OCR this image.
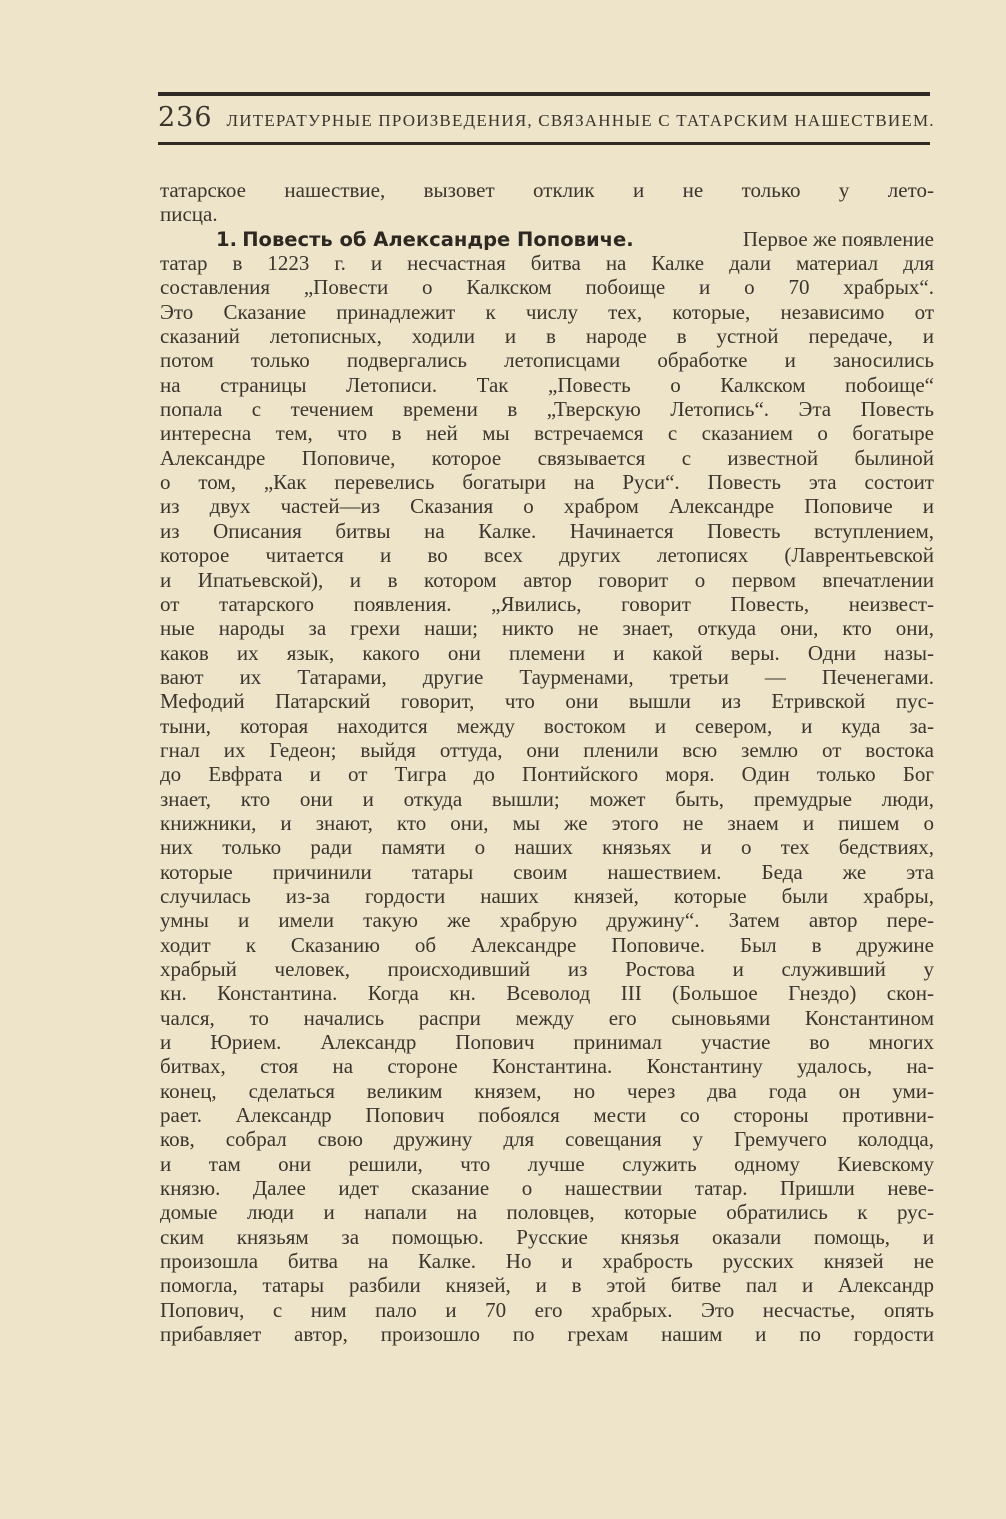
236 ЛИТЕРАТУРНЫЕ ПРОИЗВЕДЕНИЯ, СВЯЗАННЫЕ С ТАТАРСКИМ НАШЕСТВИЕМ.
татарское нашествие, вызовет отклик и не только у лето-
писца.
1. Повесть об Александре Поповиче.	Первое же появление
татар в 1223 г. и несчастная битва на Калке дали материал для
составления „Повести о Калкском побоище и о 70 храбрых“.
Это Сказание принадлежит к числу тех, которые, независимо от
сказаний летописных, ходили и в народе в устной передаче, и
потом только подвергались летописцами обработке и заносились
на страницы Летописи. Так „Повесть о Калкском побоище“
попала с течением времени в „Тверскую Летопись“. Эта Повесть
интересна тем, что в ней мы встречаемся с сказанием о богатыре
Александре Поповиче, которое связывается с известной былиной
о том, „Как перевелись богатыри на Руси“. Повесть эта состоит
из двух частей—из Сказания о храбром Александре Поповиче и
из Описания битвы на Калке. Начинается Повесть вступлением,
которое читается и во всех других летописях (Лаврентьевской
и Ипатьевской), и в котором автор говорит о первом впечатлении
от татарского появления. „Явились, говорит Повесть, неизвест-
ные народы за грехи наши; никто не знает, откуда они, кто они,
каков их язык, какого они племени и какой веры. Одни назы-
вают их Татарами, другие Таурменами, третьи — Печенегами.
Мефодий Патарский говорит, что они вышли из Етривской пус-
тыни, которая находится между востоком и севером, и куда за-
гнал их Гедеон; выйдя оттуда, они пленили всю землю от востока
до Евфрата и от Тигра до Понтийского моря. Один только Бог
знает, кто они и откуда вышли; может быть, премудрые люди,
книжники, и знают, кто они, мы же этого не знаем и пишем о
них только ради памяти о наших князьях и о тех бедствиях,
которые причинили татары своим нашествием. Беда же эта
случилась из-за гордости наших князей, которые были храбры,
умны и имели такую же храбрую дружину“. Затем автор пере-
ходит к Сказанию об Александре Поповиче. Был в дружине
храбрый человек, происходивший из Ростова и служивший у
кн. Константина. Когда кн. Всеволод III (Большое Гнездо) скон-
чался, то начались распри между его сыновьями Константином
и Юрием. Александр Попович принимал участие во многих
битвах, стоя на стороне Константина. Константину удалось, на-
конец, сделаться великим князем, но через два года он уми-
рает. Александр Попович побоялся мести со стороны противни-
ков, собрал свою дружину для совещания у Гремучего колодца,
и там они решили, что лучше служить одному Киевскому
князю. Далее идет сказание о нашествии татар. Пришли неве-
домые люди и напали на половцев, которые обратились к рус-
ским князьям за помощью. Русские князья оказали помощь, и
произошла битва на Калке. Но и храбрость русских князей не
помогла, татары разбили князей, и в этой битве пал и Александр
Попович, с ним пало и 70 его храбрых. Это несчастье, опять
прибавляет автор, произошло по грехам нашим и по гордости
